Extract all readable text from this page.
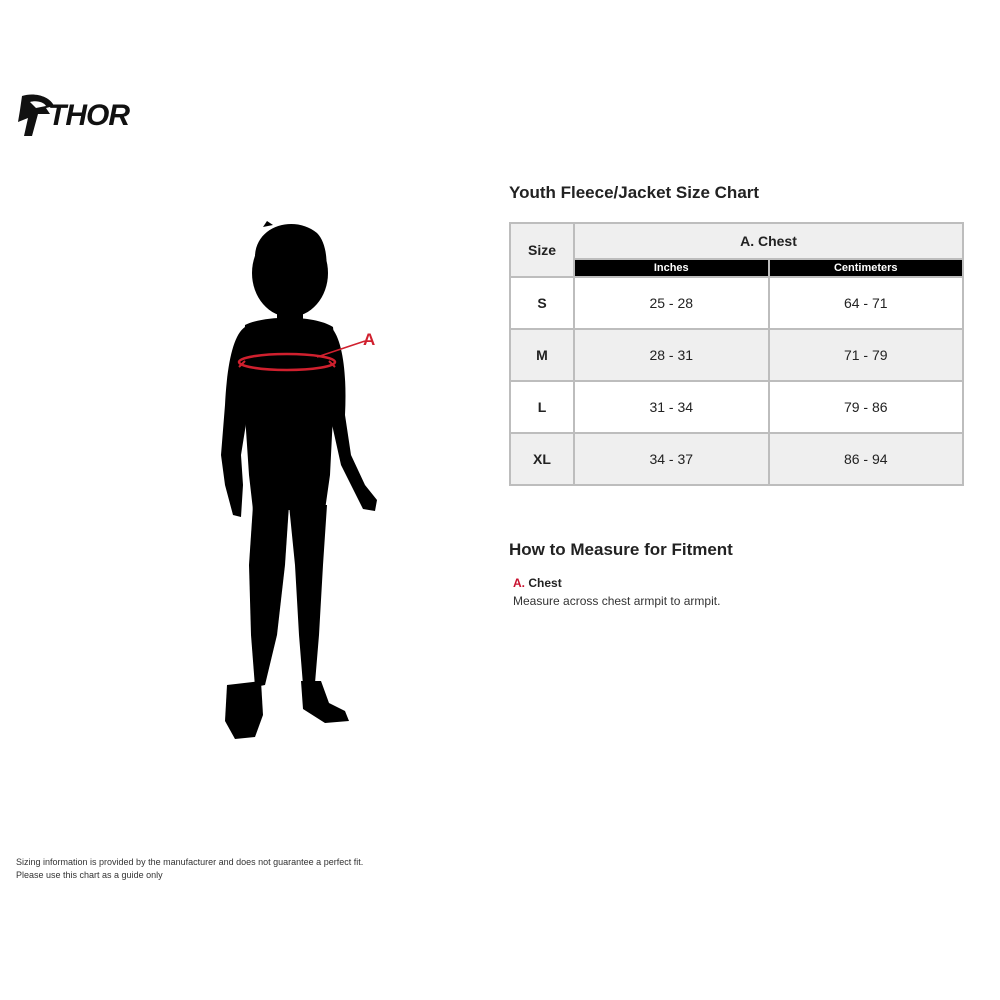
THOR
A
Youth Fleece/Jacket Size Chart
Size	A. Chest	
	Inches	Centimeters
S	25 - 28	64 - 71
M	28 - 31	71 - 79
L	31 - 34	79 - 86
XL	34 - 37	86 - 94
How to Measure for Fitment
A. Chest
Measure across chest armpit to armpit.
Sizing information is provided by the manufacturer and does not guarantee a perfect fit.
Please use this chart as a guide only
